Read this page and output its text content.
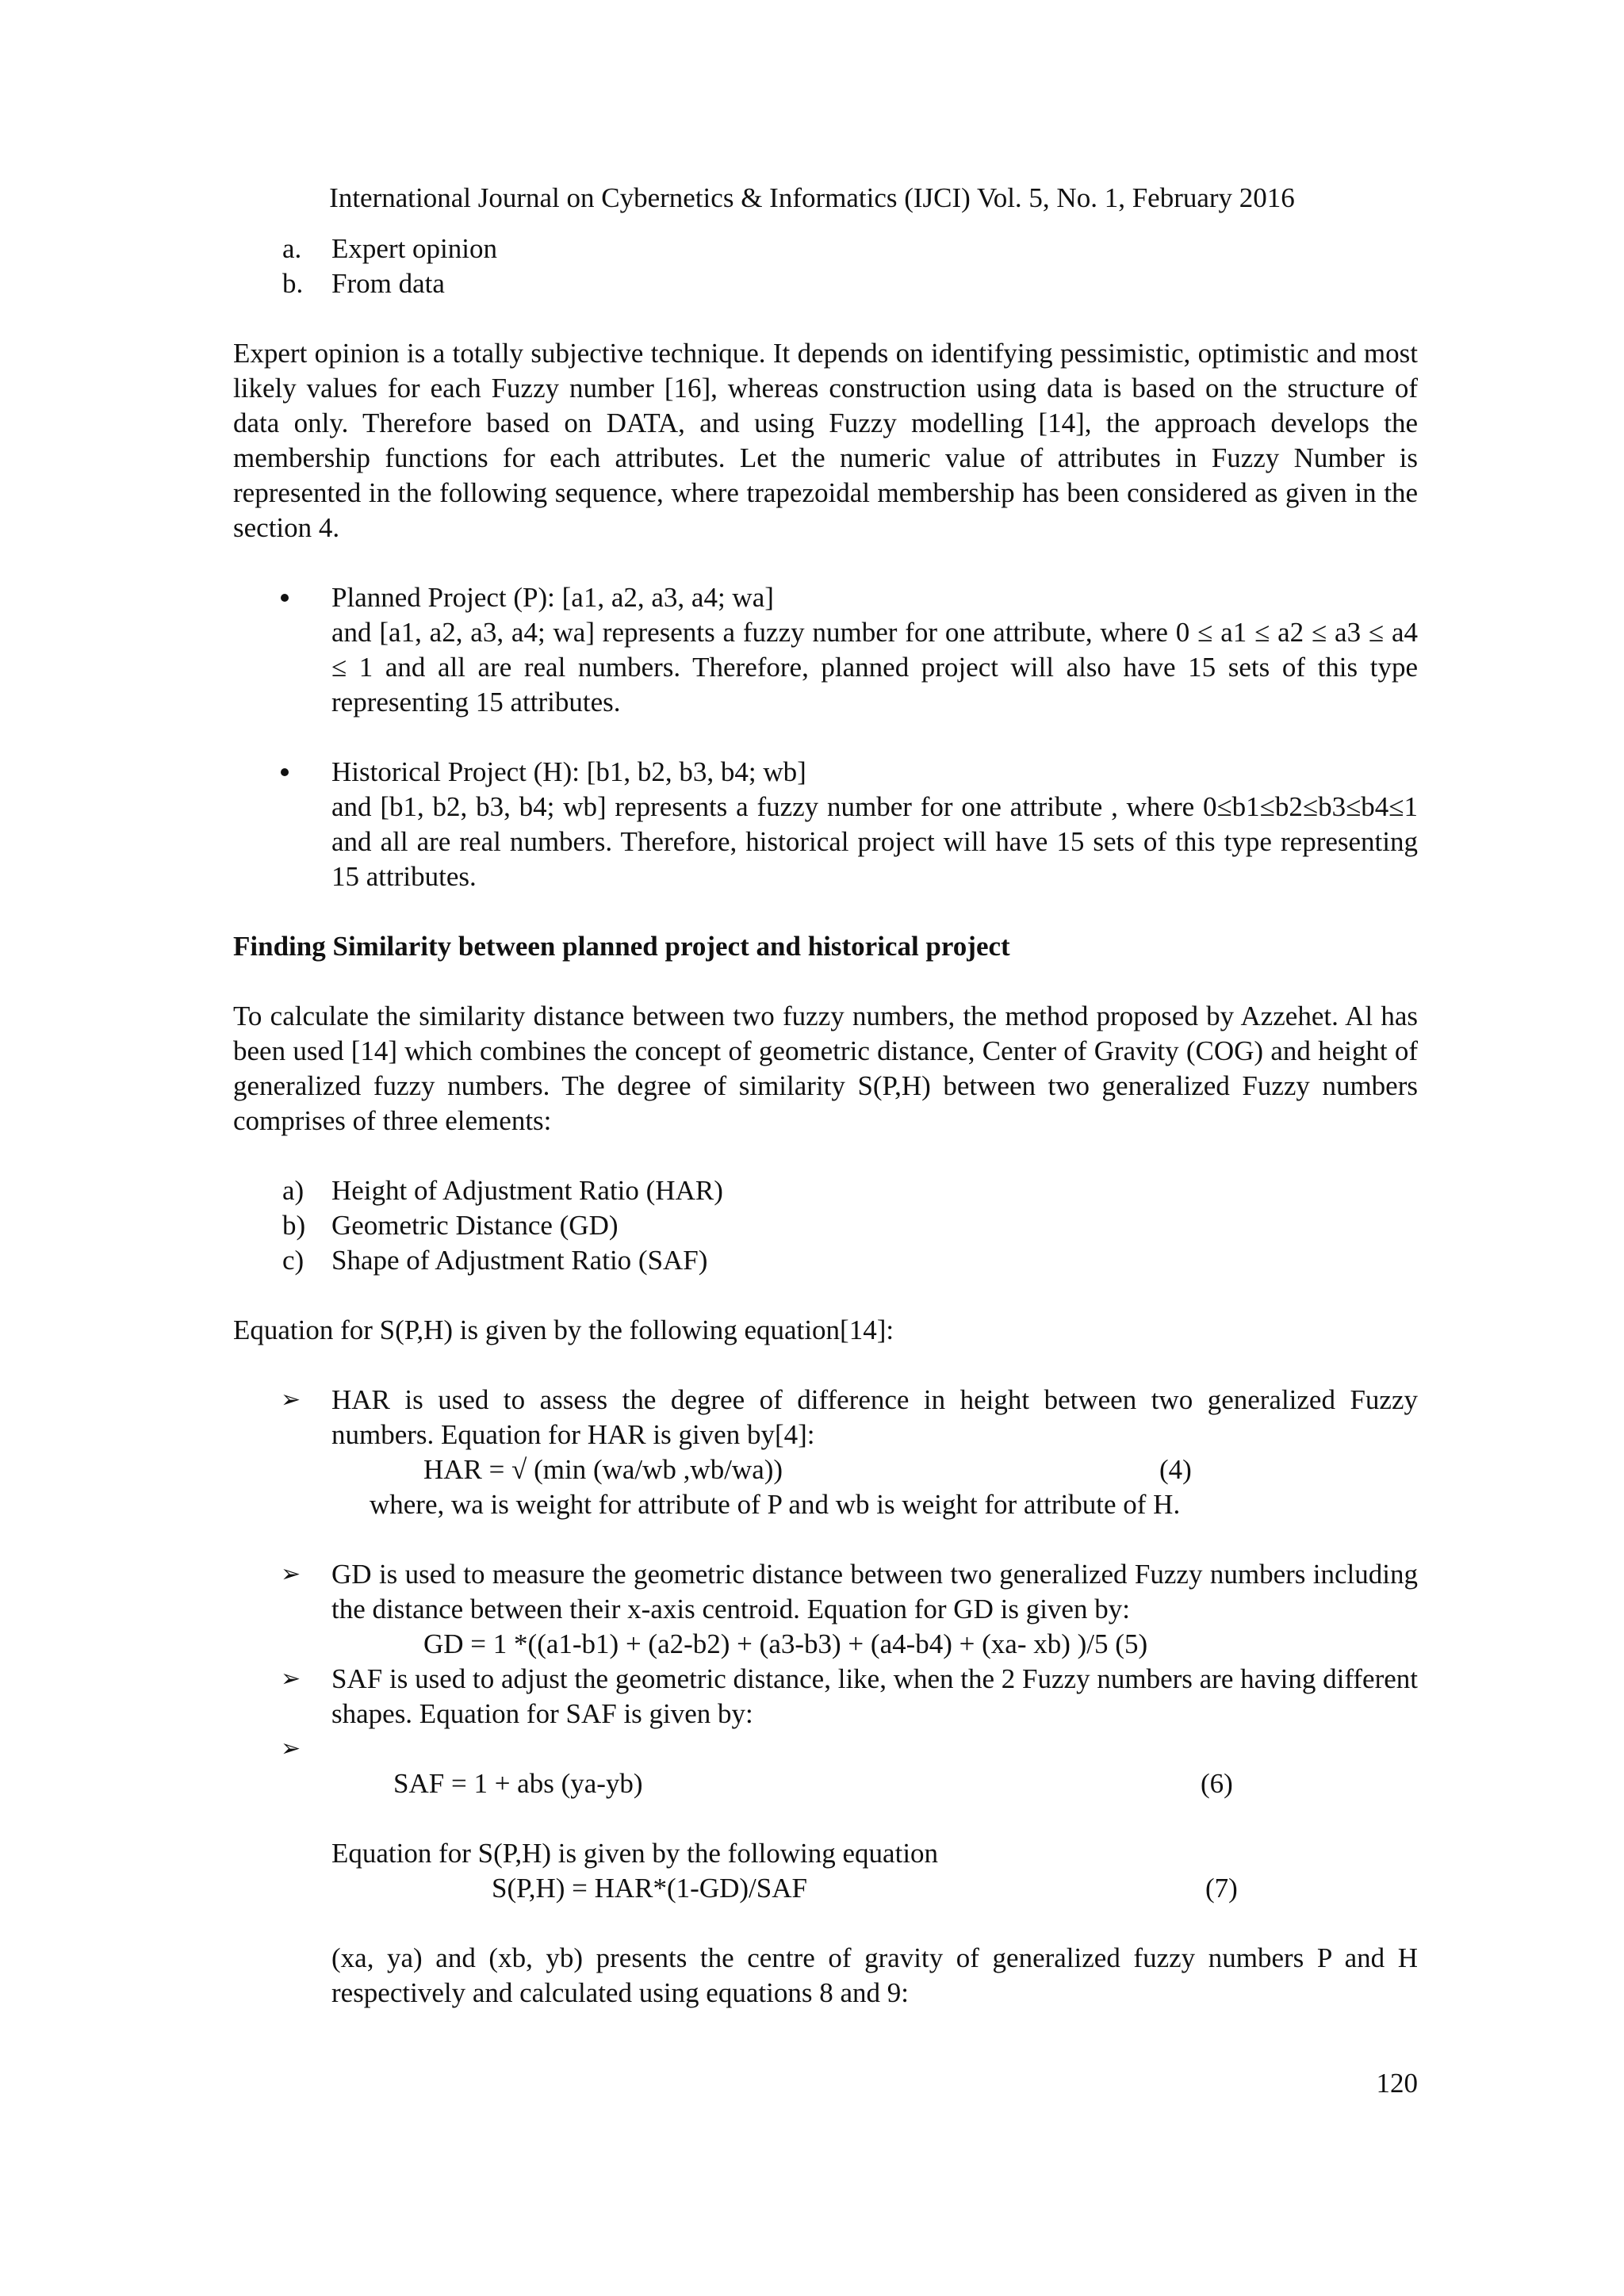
International Journal on Cybernetics & Informatics (IJCI) Vol. 5, No. 1, February 2016
a. Expert opinion
b. From data

Expert opinion is a totally subjective technique. It depends on identifying pessimistic, optimistic and most likely values for each Fuzzy number [16], whereas construction using data is based on the structure of data only. Therefore based on DATA, and using Fuzzy modelling [14], the approach develops the membership functions for each attributes. Let the numeric value of attributes in Fuzzy Number is represented in the following sequence, where trapezoidal membership has been considered as given in the section 4.

Planned Project (P): [a1, a2, a3, a4; wa]
and [a1, a2, a3, a4; wa] represents a fuzzy number for one attribute, where 0 ≤ a1 ≤ a2 ≤ a3 ≤ a4 ≤ 1 and all are real numbers. Therefore, planned project will also have 15 sets of this type representing 15 attributes.
Historical Project (H): [b1, b2, b3, b4; wb]
and [b1, b2, b3, b4; wb] represents a fuzzy number for one attribute , where 0≤b1≤b2≤b3≤b4≤1 and all are real numbers. Therefore, historical project will have 15 sets of this type representing 15 attributes.
Finding Similarity between planned project and historical project

To calculate the similarity distance between two fuzzy numbers, the method proposed by Azzehet. Al has been used [14] which combines the concept of geometric distance, Center of Gravity (COG) and height of generalized fuzzy numbers. The degree of similarity S(P,H) between two generalized Fuzzy numbers comprises of three elements:

a) Height of Adjustment Ratio (HAR)
b) Geometric Distance (GD)
c) Shape of Adjustment Ratio (SAF)
Equation for S(P,H) is given by the following equation[14]:
➢ HAR is used to assess the degree of difference in height between two generalized Fuzzy numbers. Equation for HAR is given by[4]:
HAR = √ (min (wa/wb ,wb/wa))	(4)
where, wa is weight for attribute of P and wb is weight for attribute of H.
➢ GD is used to measure the geometric distance between two generalized Fuzzy numbers including the distance between their x-axis centroid. Equation for GD is given by:
GD = 1 *((a1-b1) + (a2-b2) + (a3-b3) + (a4-b4) + (xa- xb) )/5 (5)
➢ SAF is used to adjust the geometric distance, like, when the 2 Fuzzy numbers are having different shapes. Equation for SAF is given by:
➢
SAF = 1 + abs (ya-yb)	(6)
Equation for S(P,H) is given by the following equation
S(P,H) = HAR*(1-GD)/SAF	(7)

(xa, ya) and (xb, yb) presents the centre of gravity of generalized fuzzy numbers P and H respectively and calculated using equations 8 and 9:

120
